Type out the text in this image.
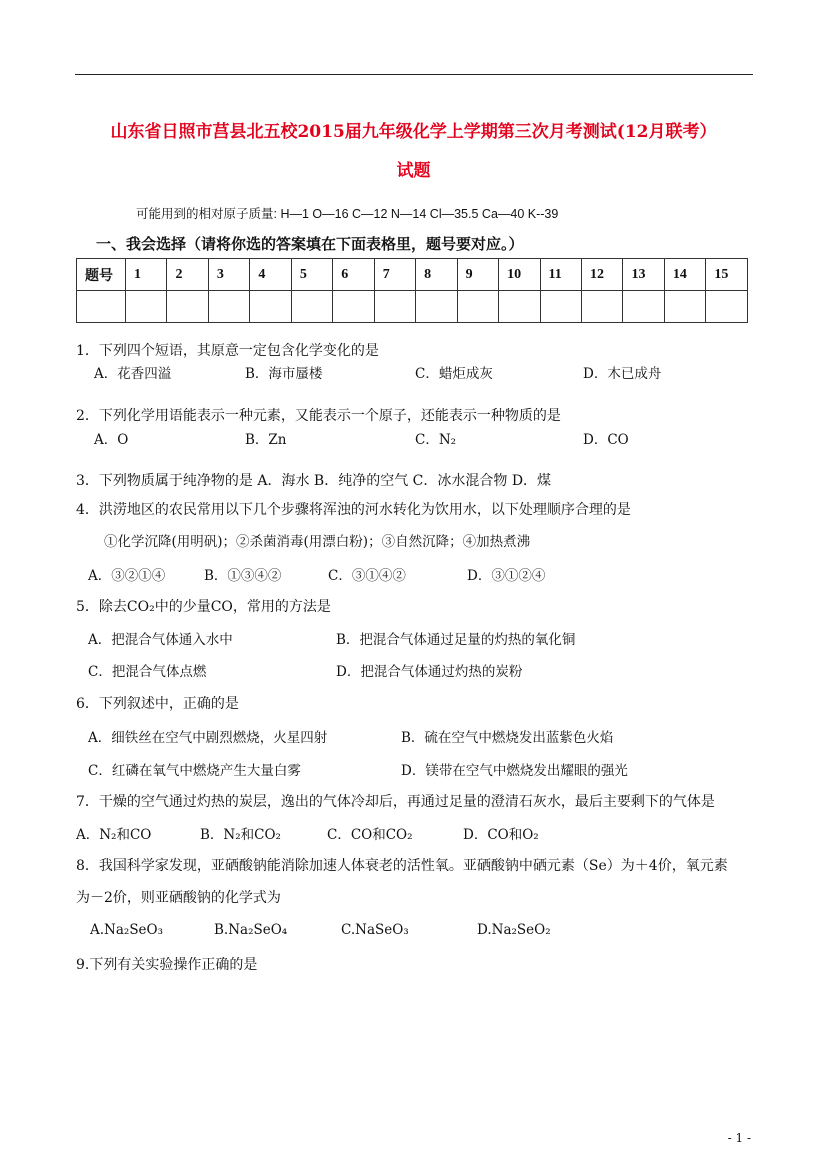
山东省日照市莒县北五校2015届九年级化学上学期第三次月考测试(12月联考）
试题
可能用到的相对原子质量: H—1 O—16 C—12 N—14 Cl—35.5 Ca—40 K--39
一、我会选择（请将你选的答案填在下面表格里，题号要对应。）
题号	1	2	3	4	5	6	7	8	9	10	11	12	13	14	15

1．下列四个短语，其原意一定包含化学变化的是
A．花香四溢	B．海市蜃楼	C．蜡炬成灰	D．木已成舟
2．下列化学用语能表示一种元素，又能表示一个原子，还能表示一种物质的是
A．O	B．Zn	C．N₂	D．CO
3．下列物质属于纯净物的是 A．海水 B．纯净的空气 C．冰水混合物 D．煤
4．洪涝地区的农民常用以下几个步骤将浑浊的河水转化为饮用水，以下处理顺序合理的是
①化学沉降(用明矾)；②杀菌消毒(用漂白粉)；③自然沉降；④加热煮沸
A．③②①④	B．①③④②	C．③①④②	D．③①②④
5．除去CO₂中的少量CO，常用的方法是
A．把混合气体通入水中	B．把混合气体通过足量的灼热的氧化铜
C．把混合气体点燃	D．把混合气体通过灼热的炭粉
6．下列叙述中，正确的是
A．细铁丝在空气中剧烈燃烧，火星四射	B．硫在空气中燃烧发出蓝紫色火焰
C．红磷在氧气中燃烧产生大量白雾	D．镁带在空气中燃烧发出耀眼的强光
7．干燥的空气通过灼热的炭层，逸出的气体冷却后，再通过足量的澄清石灰水，最后主要剩下的气体是
A．N₂和CO	B．N₂和CO₂	C．CO和CO₂	D．CO和O₂
8．我国科学家发现，亚硒酸钠能消除加速人体衰老的活性氧。亚硒酸钠中硒元素（Se）为＋4价，氧元素
为－2价，则亚硒酸钠的化学式为
A.Na₂SeO₃	B.Na₂SeO₄	C.NaSeO₃	D.Na₂SeO₂
9.下列有关实验操作正确的是
- 1 -
